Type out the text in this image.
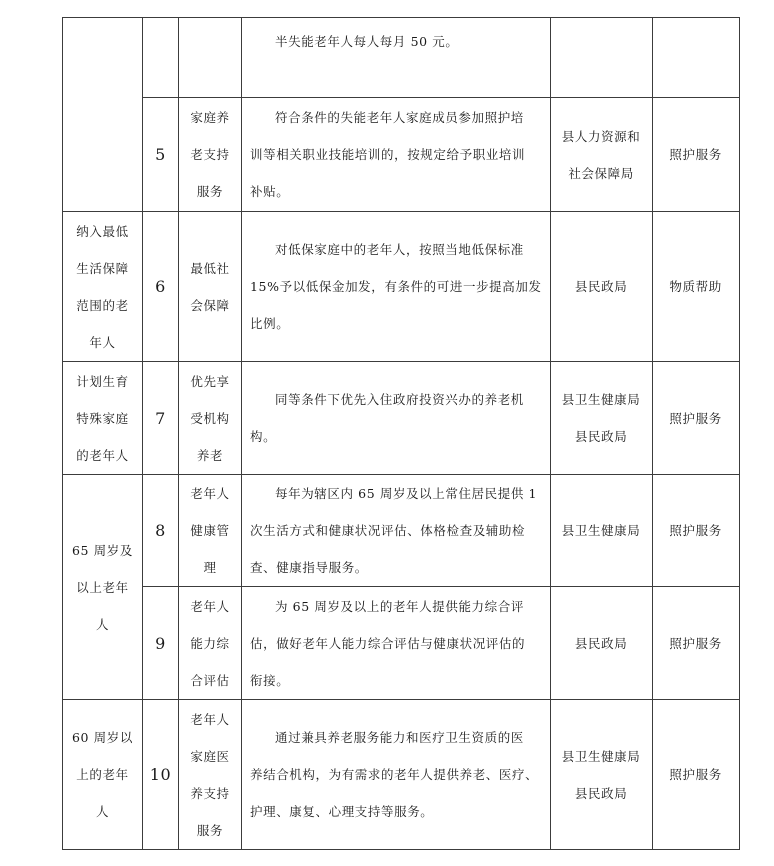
			半失能老年人每人每月 50 元。		

	5	家庭养
老支持
服务	符合条件的失能老年人家庭成员参加照护培
训等相关职业技能培训的，按规定给予职业培训
补贴。	县人力资源和
社会保障局	照护服务

纳入最低
生活保障
范围的老
年人	6	最低社
会保障	对低保家庭中的老年人，按照当地低保标准
15%予以低保金加发，有条件的可进一步提高加发
比例。	县民政局	物质帮助

计划生育
特殊家庭
的老年人	7	优先享
受机构
养老	同等条件下优先入住政府投资兴办的养老机
构。	县卫生健康局
县民政局	照护服务

65 周岁及
以上老年
人	8	老年人
健康管
理	每年为辖区内 65 周岁及以上常住居民提供 1
次生活方式和健康状况评估、体格检查及辅助检
查、健康指导服务。	县卫生健康局	照护服务
	9	老年人
能力综
合评估	为 65 周岁及以上的老年人提供能力综合评
估，做好老年人能力综合评估与健康状况评估的
衔接。	县民政局	照护服务

60 周岁以
上的老年
人	10	老年人
家庭医
养支持
服务	通过兼具养老服务能力和医疗卫生资质的医
养结合机构，为有需求的老年人提供养老、医疗、
护理、康复、心理支持等服务。	县卫生健康局
县民政局	照护服务
